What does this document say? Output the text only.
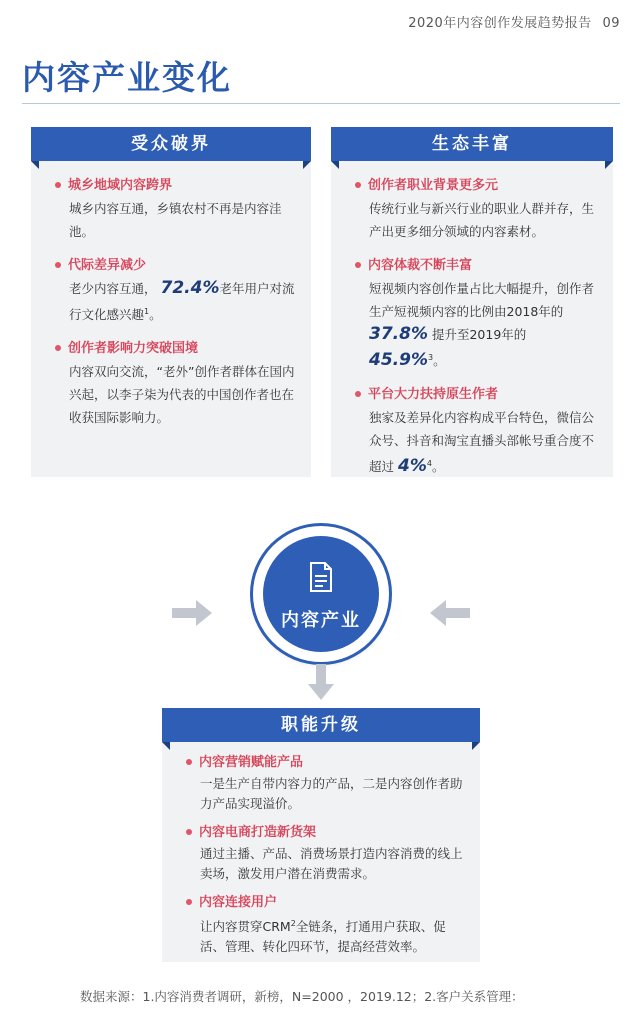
2020年内容创作发展趋势报告 09
内容产业变化
受众破界
城乡地域内容跨界
城乡内容互通，乡镇农村不再是内容洼池。
代际差异减少
老少内容互通， 72.4%老年用户对流行文化感兴趣$^1$。
创作者影响力突破国境
内容双向交流，“老外”创作者群体在国内兴起，以李子柒为代表的中国创作者也在收获国际影响力。
生态丰富
创作者职业背景更多元
传统行业与新兴行业的职业人群并存，生产出更多细分领域的内容素材。
内容体裁不断丰富
短视频内容创作量占比大幅提升，创作者生产短视频内容的比例由2018年的 37.8% 提升至2019年的 45.9%$^3$。
平台大力扶持原生作者
独家及差异化内容构成平台特色，微信公众号、抖音和淘宝直播头部帐号重合度不超过 4%$^4$。
内容产业
职能升级
内容营销赋能产品
一是生产自带内容力的产品，二是内容创作者助力产品实现溢价。
内容电商打造新货架
通过主播、产品、消费场景打造内容消费的线上卖场，激发用户潜在消费需求。
内容连接用户
让内容贯穿CRM$^2$全链条，打通用户获取、促活、管理、转化四环节，提高经营效率。
数据来源：1.内容消费者调研，新榜，N=2000 ，2019.12；2.客户关系管理：
